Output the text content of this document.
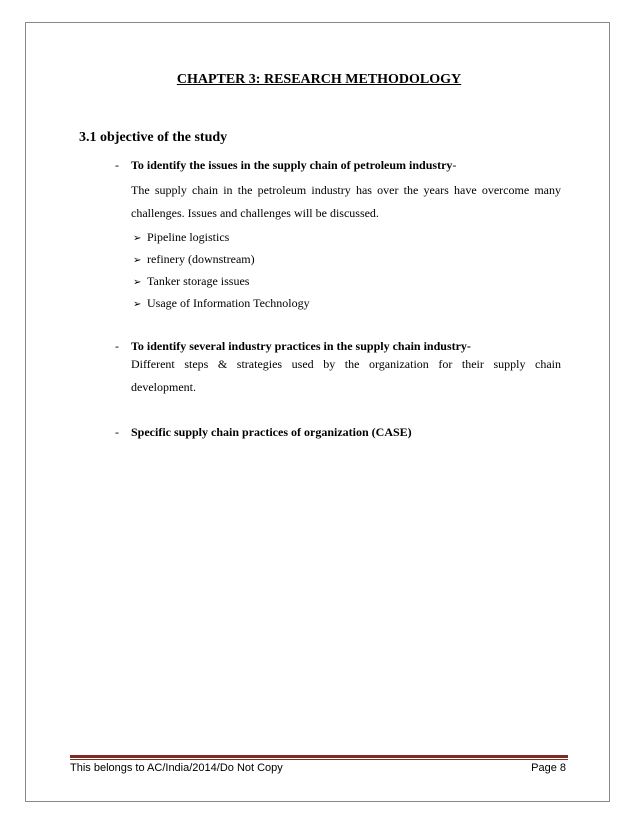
CHAPTER 3: RESEARCH METHODOLOGY
3.1 objective of the study
- To identify the issues in the supply chain of petroleum industry-
The supply chain in the petroleum industry has over the years have overcome many
challenges. Issues and challenges will be discussed.
➢ Pipeline logistics
➢ refinery (downstream)
➢ Tanker storage issues
➢ Usage of Information Technology
- To identify several industry practices in the supply chain industry-
Different steps & strategies used by the organization for their supply chain
development.
- Specific supply chain practices of organization (CASE)
This belongs to AC/India/2014/Do Not Copy	Page 8
